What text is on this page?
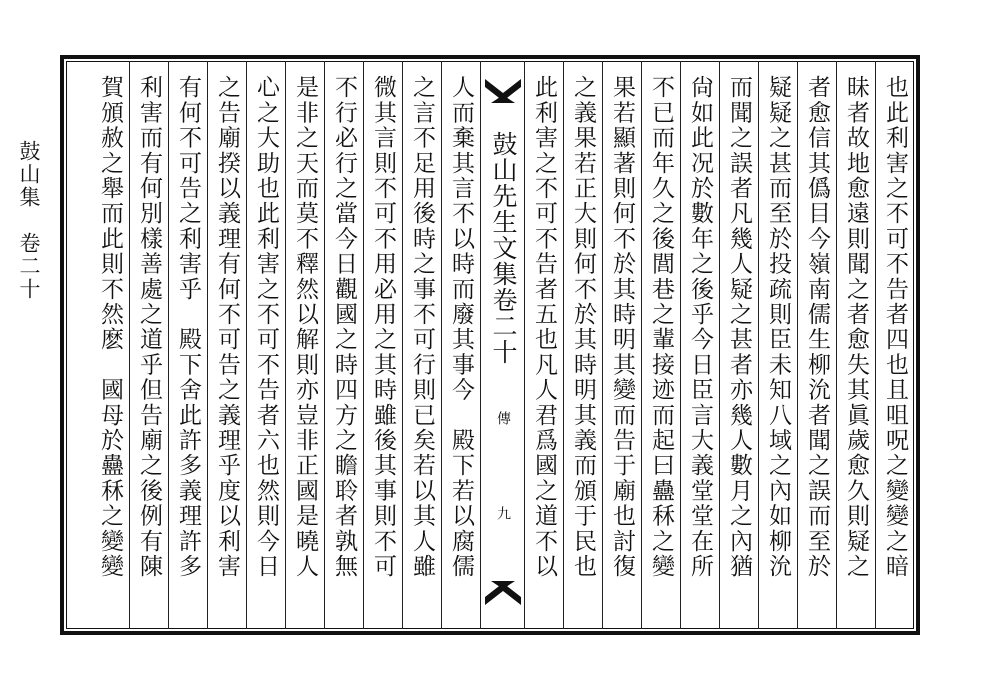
鼓山集　卷二十	也此利害之不可不告者四也且咀呪之變變之暗
昧者故地愈遠則聞之者愈失其眞歲愈久則疑之
者愈信其僞目今嶺南儒生柳沇者聞之誤而至於
疑疑之甚而至於投疏則臣未知八域之內如柳沇
而聞之誤者凡幾人疑之甚者亦幾人數月之內猶
尙如此况於數年之後乎今日臣言大義堂堂在所
不已而年久之後閭巷之輩接迹而起曰蠱秝之變
果若顯著則何不於其時明其變而告于廟也討復
之義果若正大則何不於其時明其義而頒于民也
此利害之不可不告者五也凡人君爲國之道不以
鼓山先生文集卷二十
傳
九
人而棄其言不以時而廢其事今　殿下若以腐儒
之言不足用後時之事不可行則已矣若以其人雖
微其言則不可不用必用之其時雖後其事則不可
不行必行之當今日觀國之時四方之瞻聆者孰無
是非之天而莫不釋然以解則亦豈非正國是曉人
心之大助也此利害之不可不告者六也然則今日
之告廟揆以義理有何不可告之義理乎度以利害
有何不可告之利害乎　殿下舍此許多義理許多
利害而有何別樣善處之道乎但告廟之後例有陳
賀頒赦之舉而此則不然麽　國母於蠱秝之變變
